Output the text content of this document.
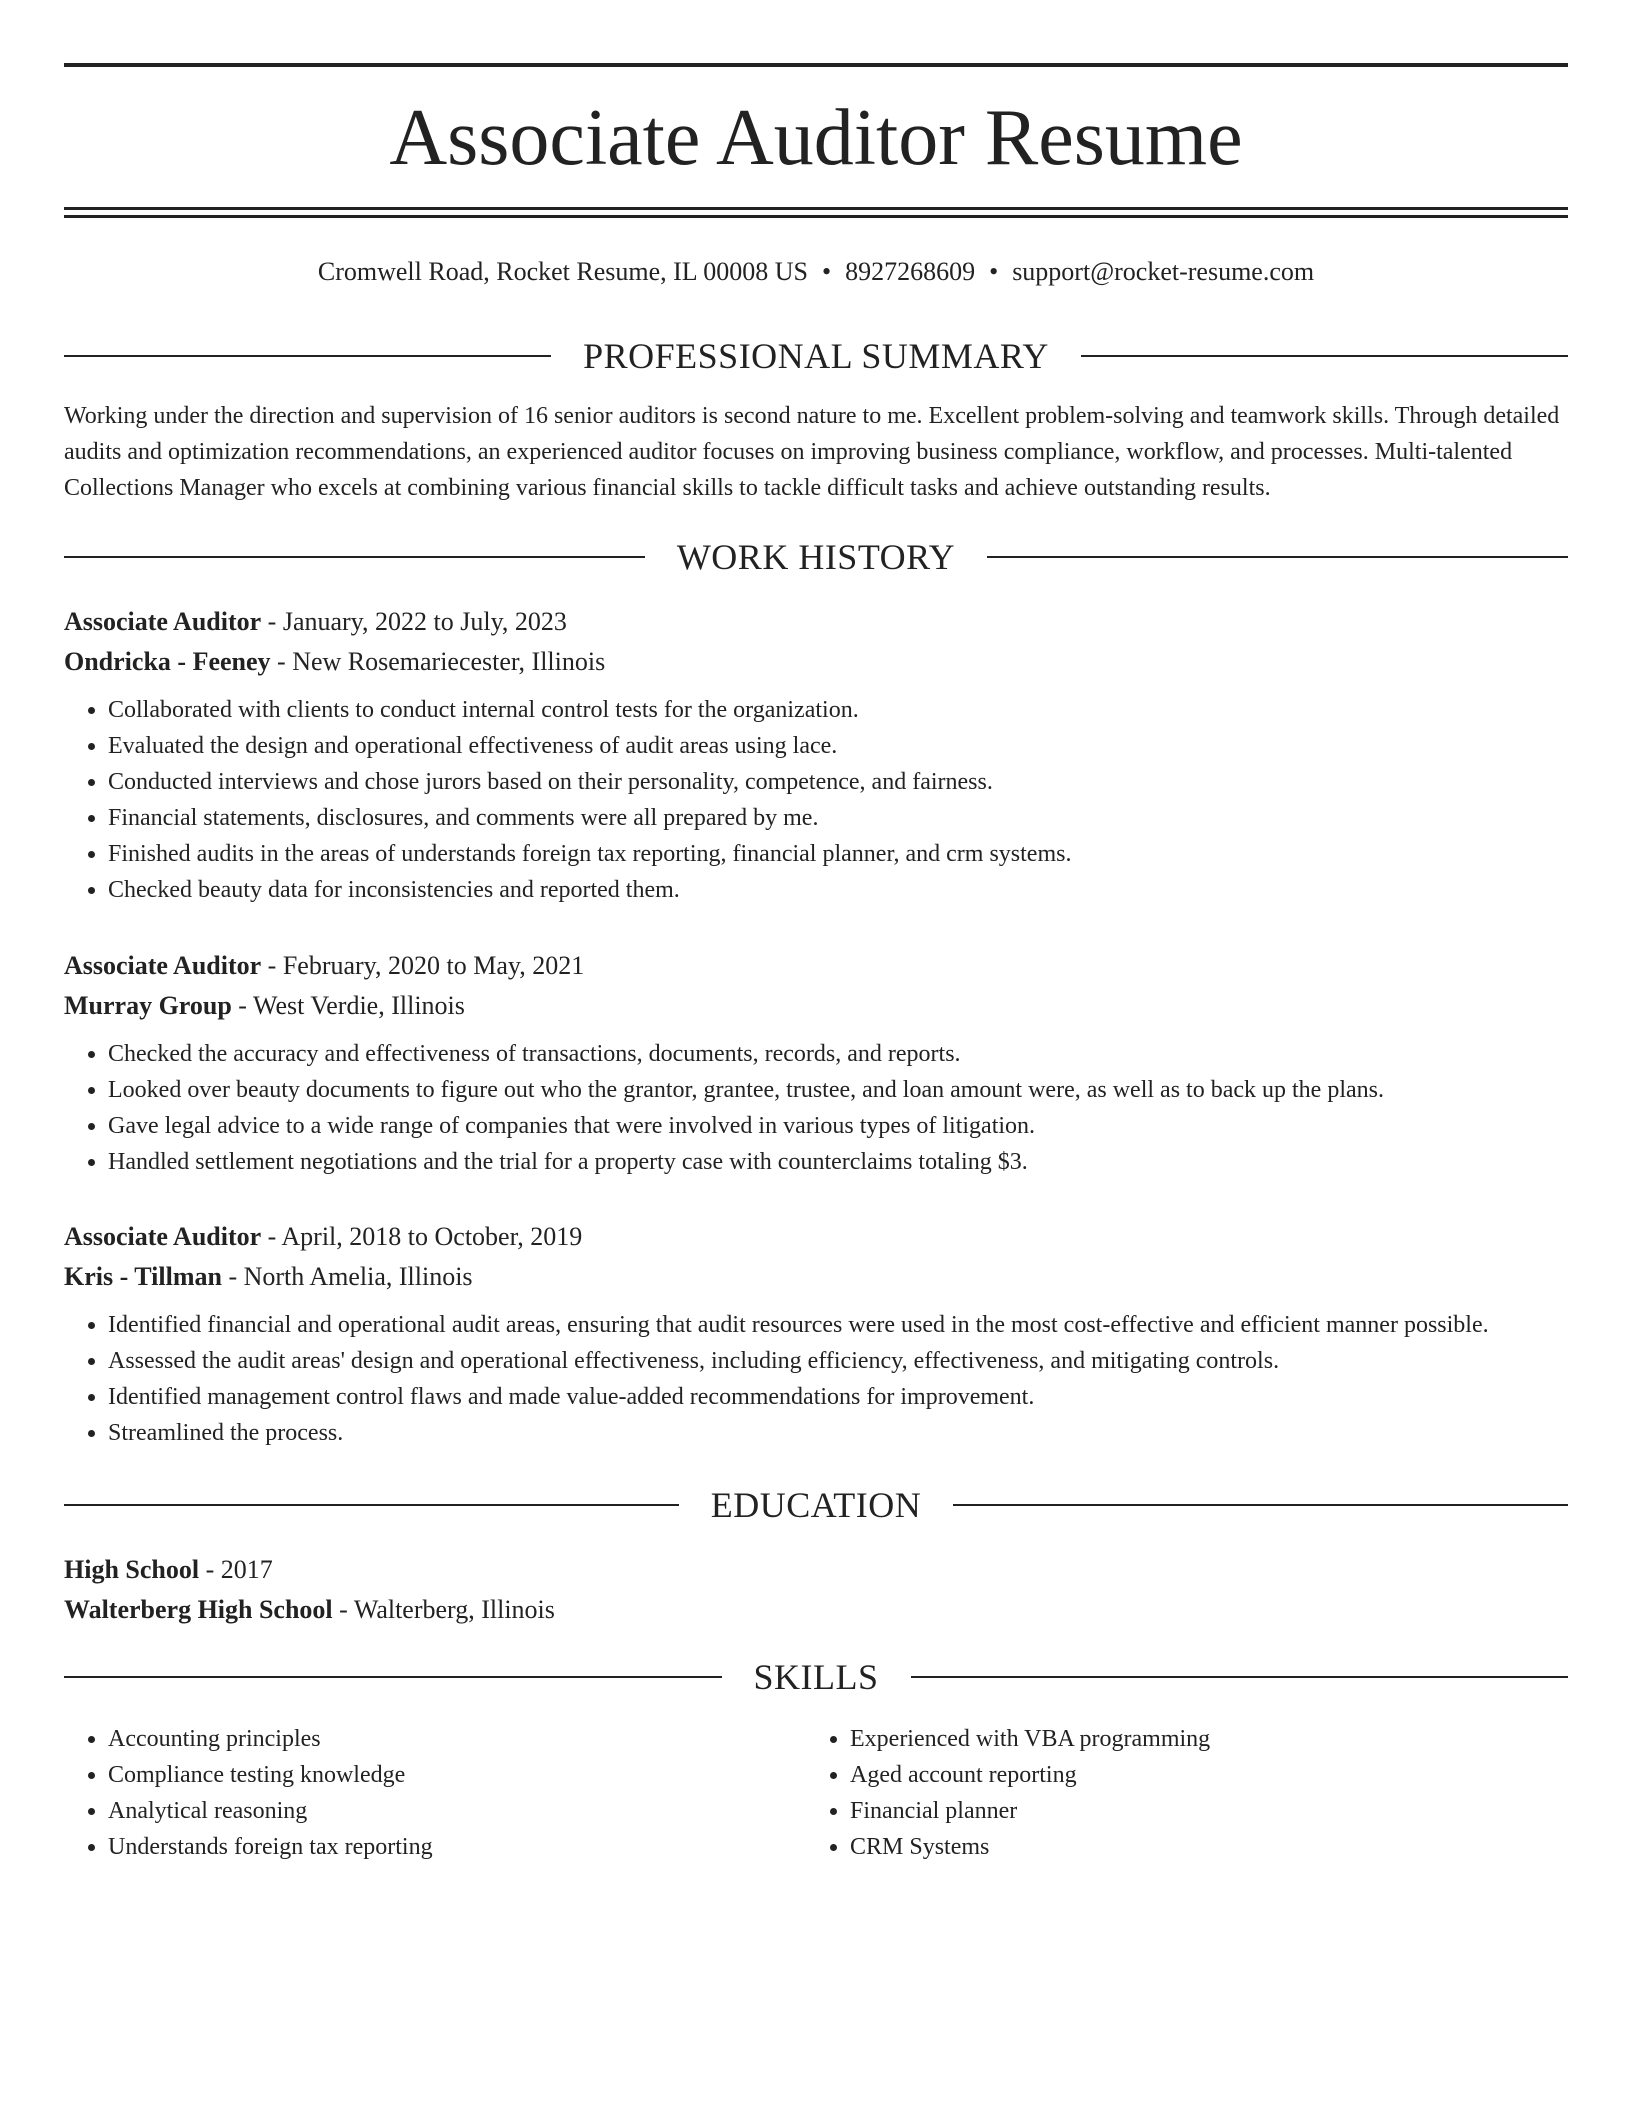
Associate Auditor Resume
Cromwell Road, Rocket Resume, IL 00008 US • 8927268609 • support@rocket-resume.com
PROFESSIONAL SUMMARY

Working under the direction and supervision of 16 senior auditors is second nature to me. Excellent problem-solving and teamwork skills. Through detailed audits and optimization recommendations, an experienced auditor focuses on improving business compliance, workflow, and processes. Multi-talented Collections Manager who excels at combining various financial skills to tackle difficult tasks and achieve outstanding results.

WORK HISTORY
Associate Auditor - January, 2022 to July, 2023
Ondricka - Feeney - New Rosemariecester, Illinois
• Collaborated with clients to conduct internal control tests for the organization.
• Evaluated the design and operational effectiveness of audit areas using lace.
• Conducted interviews and chose jurors based on their personality, competence, and fairness.
• Financial statements, disclosures, and comments were all prepared by me.
• Finished audits in the areas of understands foreign tax reporting, financial planner, and crm systems.
• Checked beauty data for inconsistencies and reported them.
Associate Auditor - February, 2020 to May, 2021
Murray Group - West Verdie, Illinois
• Checked the accuracy and effectiveness of transactions, documents, records, and reports.
• Looked over beauty documents to figure out who the grantor, grantee, trustee, and loan amount were, as well as to back up the plans.
• Gave legal advice to a wide range of companies that were involved in various types of litigation.
• Handled settlement negotiations and the trial for a property case with counterclaims totaling $3.
Associate Auditor - April, 2018 to October, 2019
Kris - Tillman - North Amelia, Illinois
• Identified financial and operational audit areas, ensuring that audit resources were used in the most cost-effective and efficient manner possible.
• Assessed the audit areas' design and operational effectiveness, including efficiency, effectiveness, and mitigating controls.
• Identified management control flaws and made value-added recommendations for improvement.
• Streamlined the process.
EDUCATION
High School - 2017
Walterberg High School - Walterberg, Illinois
SKILLS
• Accounting principles
• Compliance testing knowledge
• Analytical reasoning
• Understands foreign tax reporting
• Experienced with VBA programming
• Aged account reporting
• Financial planner
• CRM Systems
